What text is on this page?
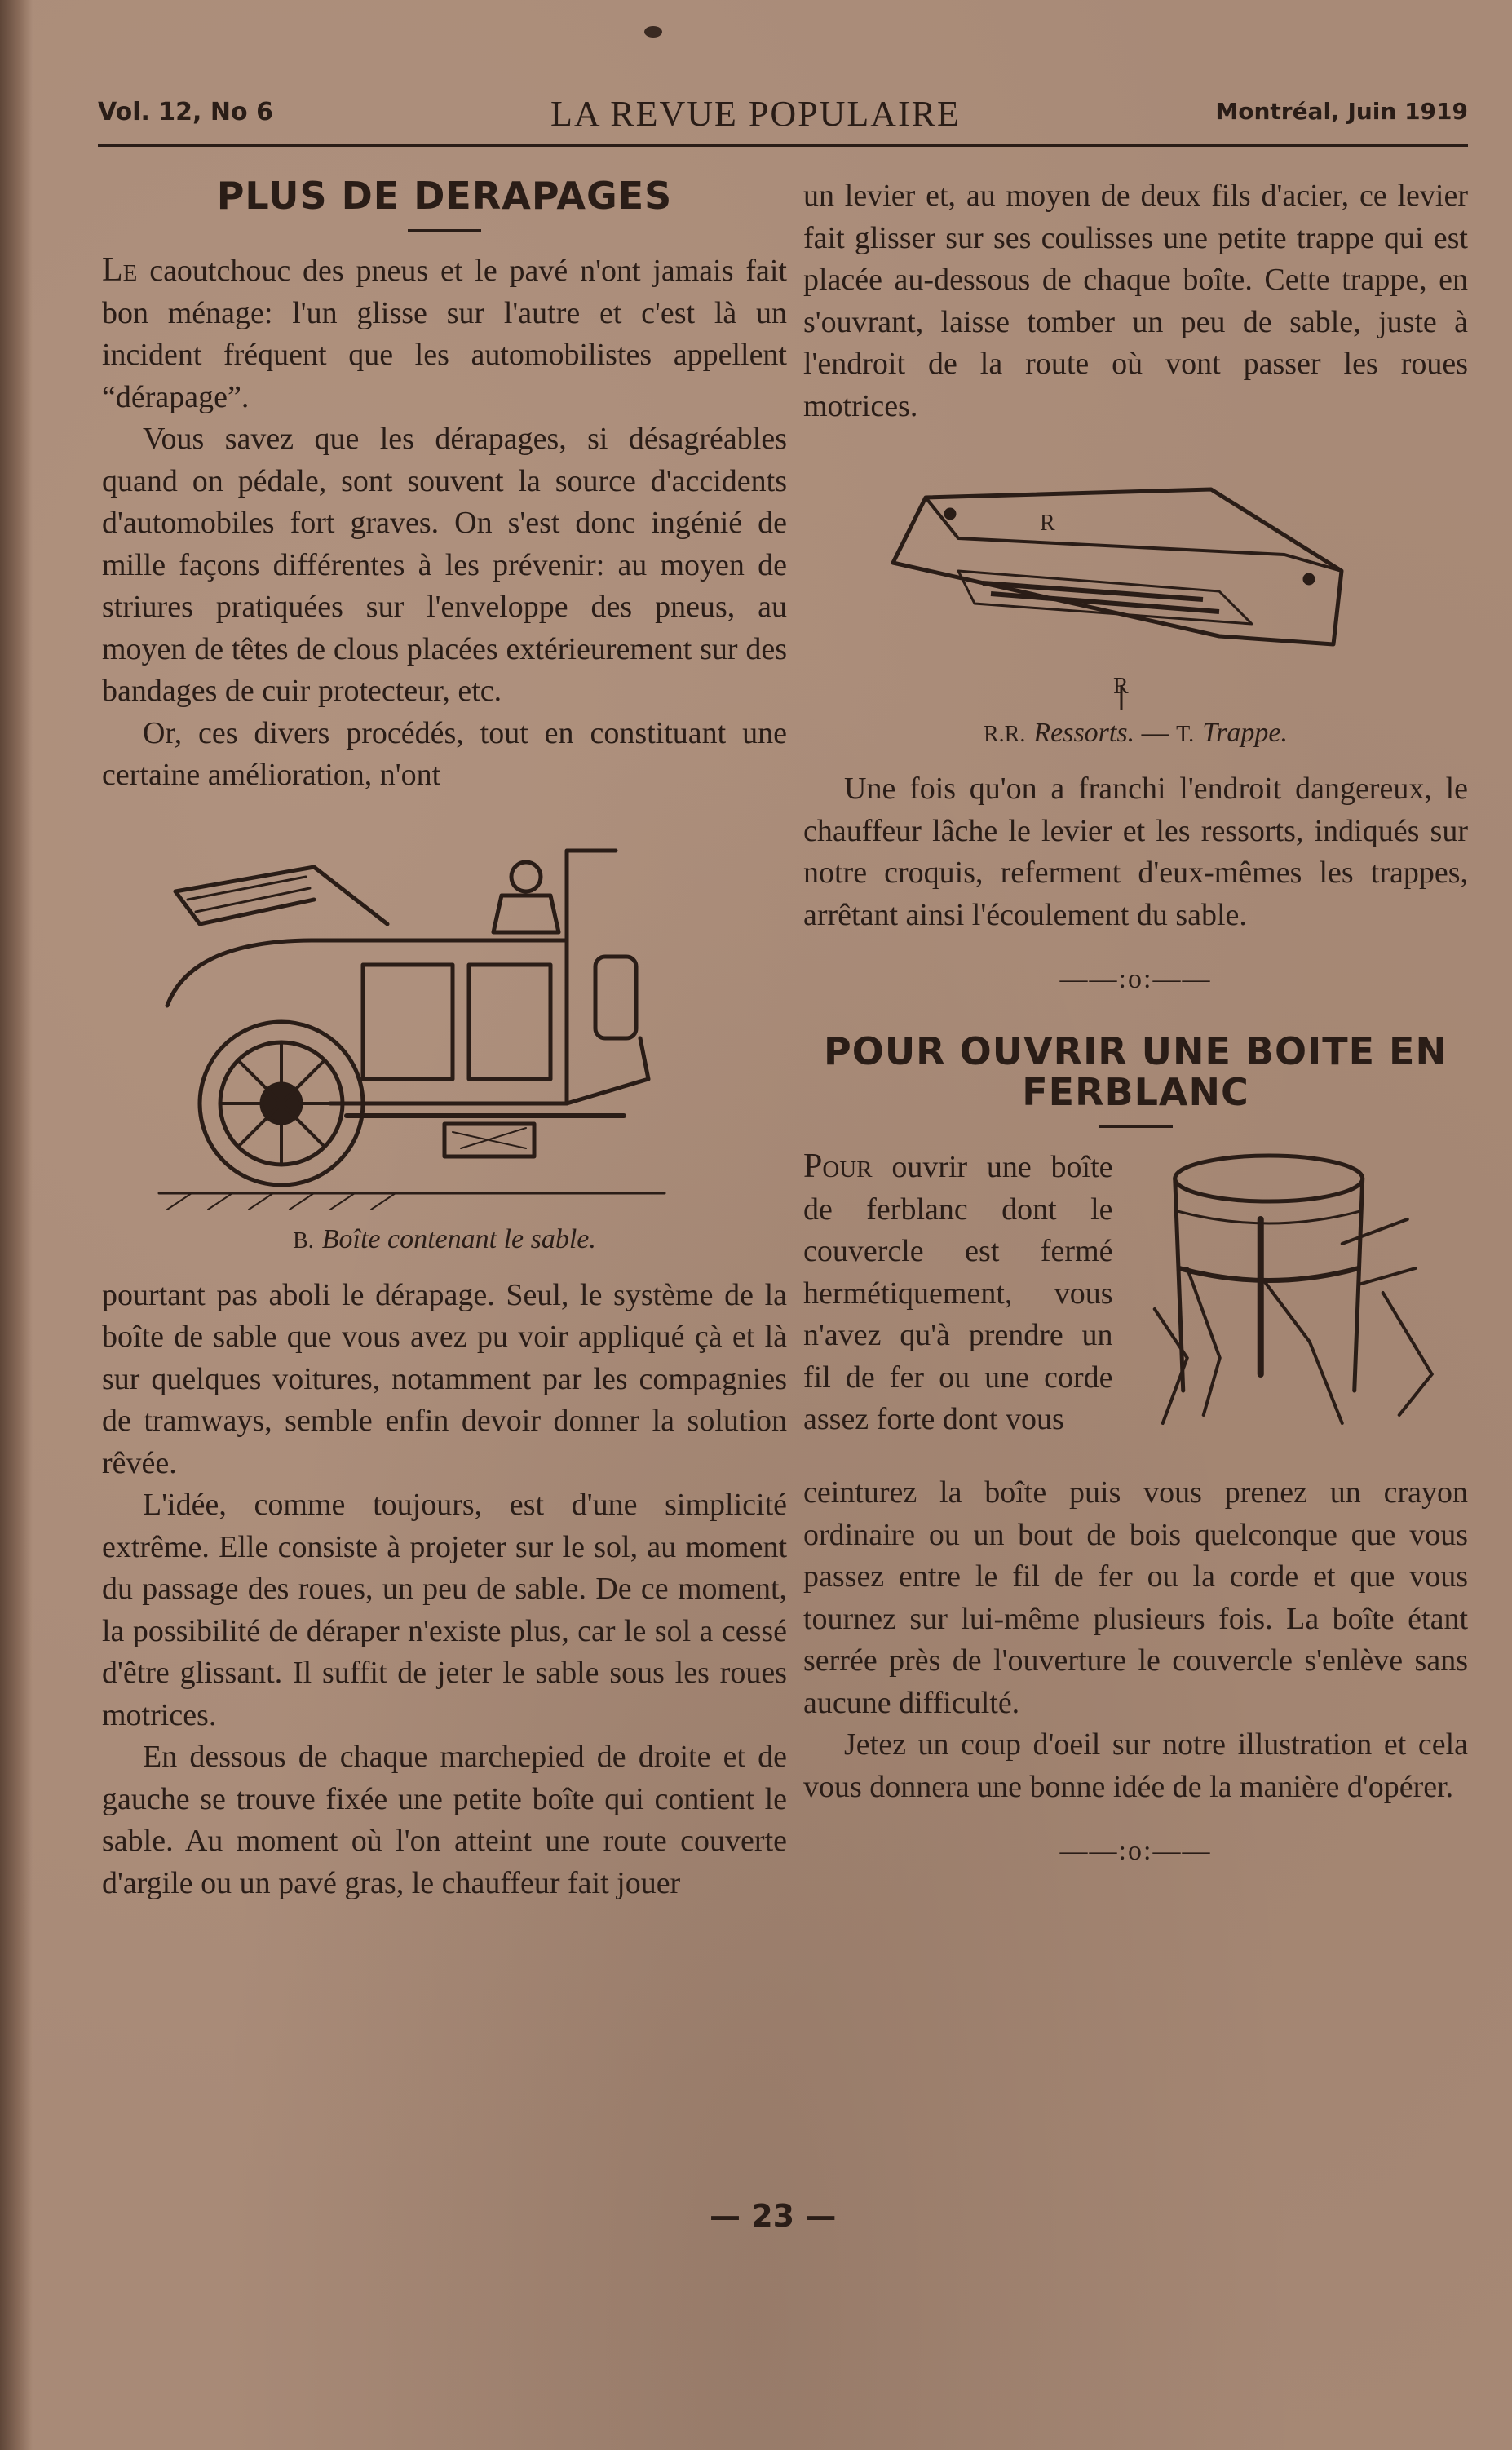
Vol. 12, No 6	LA REVUE POPULAIRE	Montréal, Juin 1919
PLUS DE DERAPAGES

Le caoutchouc des pneus et le pavé n'ont jamais fait bon ménage: l'un glisse sur l'autre et c'est là un incident fréquent que les automobilistes appellent “dérapage”.

Vous savez que les dérapages, si désagréables quand on pédale, sont souvent la source d'accidents d'automobiles fort graves. On s'est donc ingénié de mille façons différentes à les prévenir: au moyen de striures pratiquées sur l'enveloppe des pneus, au moyen de têtes de clous placées extérieurement sur des bandages de cuir protecteur, etc.

Or, ces divers procédés, tout en constituant une certaine amélioration, n'ont

B. Boîte contenant le sable.

pourtant pas aboli le dérapage. Seul, le système de la boîte de sable que vous avez pu voir appliqué çà et là sur quelques voitures, notamment par les compagnies de tramways, semble enfin devoir donner la solution rêvée.

L'idée, comme toujours, est d'une simplicité extrême. Elle consiste à projeter sur le sol, au moment du passage des roues, un peu de sable. De ce moment, la possibilité de déraper n'existe plus, car le sol a cessé d'être glissant. Il suffit de jeter le sable sous les roues motrices.

En dessous de chaque marchepied de droite et de gauche se trouve fixée une petite boîte qui contient le sable. Au moment où l'on atteint une route couverte d'argile ou un pavé gras, le chauffeur fait jouer

un levier et, au moyen de deux fils d'acier, ce levier fait glisser sur ses coulisses une petite trappe qui est placée au-dessous de chaque boîte. Cette trappe, en s'ouvrant, laisse tomber un peu de sable, juste à l'endroit de la route où vont passer les roues motrices.

R
R
R.R. Ressorts. — T. Trappe.

Une fois qu'on a franchi l'endroit dangereux, le chauffeur lâche le levier et les ressorts, indiqués sur notre croquis, referment d'eux-mêmes les trappes, arrêtant ainsi l'écoulement du sable.

——:o:——
POUR OUVRIR UNE BOITE EN
FERBLANC

Pour ouvrir une boîte de ferblanc dont le couvercle est fermé hermétiquement, vous n'avez qu'à prendre un fil de fer ou une corde assez forte dont vous

ceinturez la boîte puis vous prenez un crayon ordinaire ou un bout de bois quelconque que vous passez entre le fil de fer ou la corde et que vous tournez sur lui-même plusieurs fois. La boîte étant serrée près de l'ouverture le couvercle s'enlève sans aucune difficulté.

Jetez un coup d'oeil sur notre illustration et cela vous donnera une bonne idée de la manière d'opérer.

——:o:——
— 23 —
